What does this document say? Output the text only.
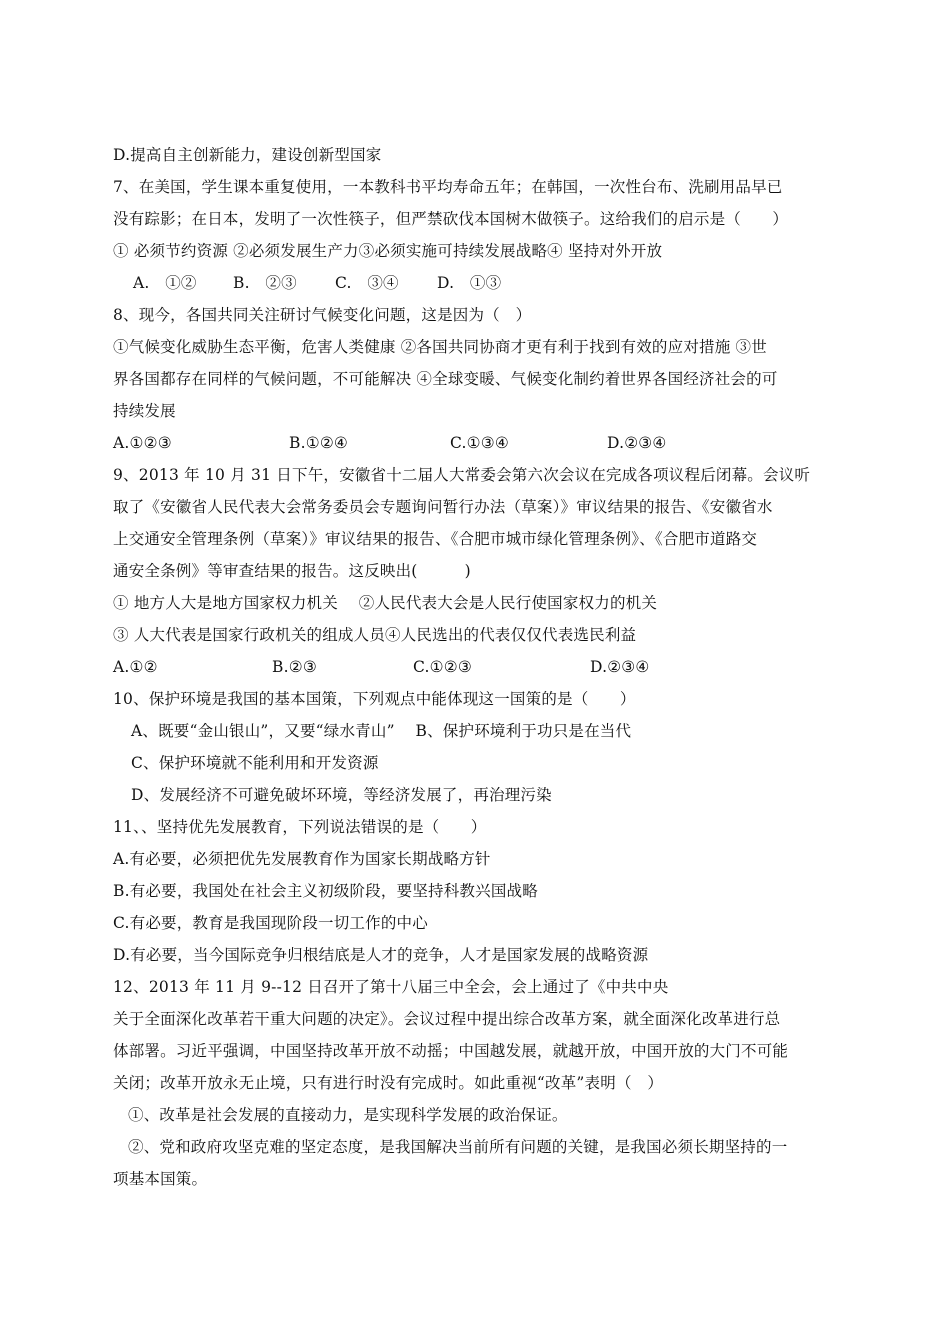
D.提高自主创新能力，建设创新型国家
7、在美国，学生课本重复使用，一本教科书平均寿命五年；在韩国，一次性台布、洗刷用品早已
没有踪影；在日本，发明了一次性筷子，但严禁砍伐本国树木做筷子。这给我们的启示是（　　）
① 必须节约资源 ②必须发展生产力③必须实施可持续发展战略④ 坚持对外开放
A.　①② B.　②③ C.　③④ D.　①③
8、现今，各国共同关注研讨气候变化问题，这是因为（　）
①气候变化威胁生态平衡，危害人类健康 ②各国共同协商才更有利于找到有效的应对措施 ③世
界各国都存在同样的气候问题，不可能解决 ④全球变暖、气候变化制约着世界各国经济社会的可
持续发展
A.①②③	B.①②④	C.①③④	D.②③④
9、2013 年 10 月 31 日下午，安徽省十二届人大常委会第六次会议在完成各项议程后闭幕。会议听
取了《安徽省人民代表大会常务委员会专题询问暂行办法（草案）》审议结果的报告、《安徽省水
上交通安全管理条例（草案）》审议结果的报告、《合肥市城市绿化管理条例》、《合肥市道路交
通安全条例》等审查结果的报告。这反映出(　　　)
① 地方人大是地方国家权力机关　 ②人民代表大会是人民行使国家权力的机关
③ 人大代表是国家行政机关的组成人员④人民选出的代表仅仅代表选民利益
A.①②	B.②③	C.①②③	D.②③④
10、保护环境是我国的基本国策，下列观点中能体现这一国策的是（　　）
A、既要“金山银山”，又要“绿水青山”　 B、保护环境利于功只是在当代
C、保护环境就不能利用和开发资源
D、发展经济不可避免破坏环境，等经济发展了，再治理污染
11、、坚持优先发展教育，下列说法错误的是（　　）
A.有必要，必须把优先发展教育作为国家长期战略方针
B.有必要，我国处在社会主义初级阶段，要坚持科教兴国战略
C.有必要，教育是我国现阶段一切工作的中心
D.有必要，当今国际竞争归根结底是人才的竞争，人才是国家发展的战略资源
12、2013 年 11 月 9--12 日召开了第十八届三中全会，会上通过了《中共中央
关于全面深化改革若干重大问题的决定》。会议过程中提出综合改革方案，就全面深化改革进行总
体部署。习近平强调，中国坚持改革开放不动摇；中国越发展，就越开放，中国开放的大门不可能
关闭；改革开放永无止境，只有进行时没有完成时。如此重视“改革”表明（　）
①、改革是社会发展的直接动力，是实现科学发展的政治保证。
②、党和政府攻坚克难的坚定态度，是我国解决当前所有问题的关键，是我国必须长期坚持的一
项基本国策。
